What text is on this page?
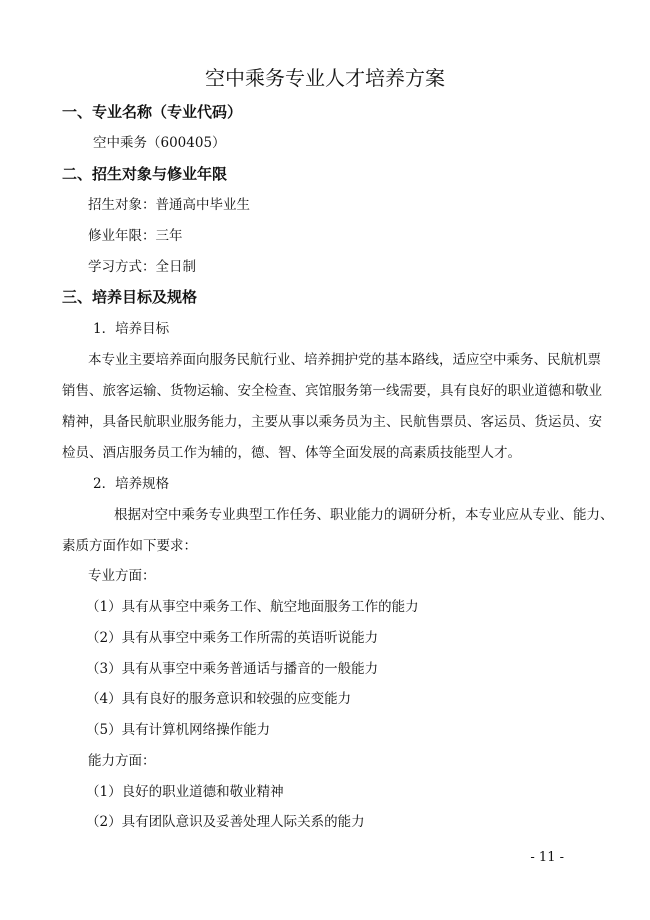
空中乘务专业人才培养方案
一、专业名称（专业代码）
空中乘务（600405）
二、招生对象与修业年限
招生对象：普通高中毕业生
修业年限：三年
学习方式：全日制
三、培养目标及规格
1．培养目标
本专业主要培养面向服务民航行业、培养拥护党的基本路线，适应空中乘务、民航机票
销售、旅客运输、货物运输、安全检查、宾馆服务第一线需要，具有良好的职业道德和敬业
精神，具备民航职业服务能力，主要从事以乘务员为主、民航售票员、客运员、货运员、安
检员、酒店服务员工作为辅的，德、智、体等全面发展的高素质技能型人才。
2．培养规格
根据对空中乘务专业典型工作任务、职业能力的调研分析，本专业应从专业、能力、
素质方面作如下要求：
专业方面：
（1）具有从事空中乘务工作、航空地面服务工作的能力
（2）具有从事空中乘务工作所需的英语听说能力
（3）具有从事空中乘务普通话与播音的一般能力
（4）具有良好的服务意识和较强的应变能力
（5）具有计算机网络操作能力
能力方面：
（1）良好的职业道德和敬业精神
（2）具有团队意识及妥善处理人际关系的能力
- 11 -
